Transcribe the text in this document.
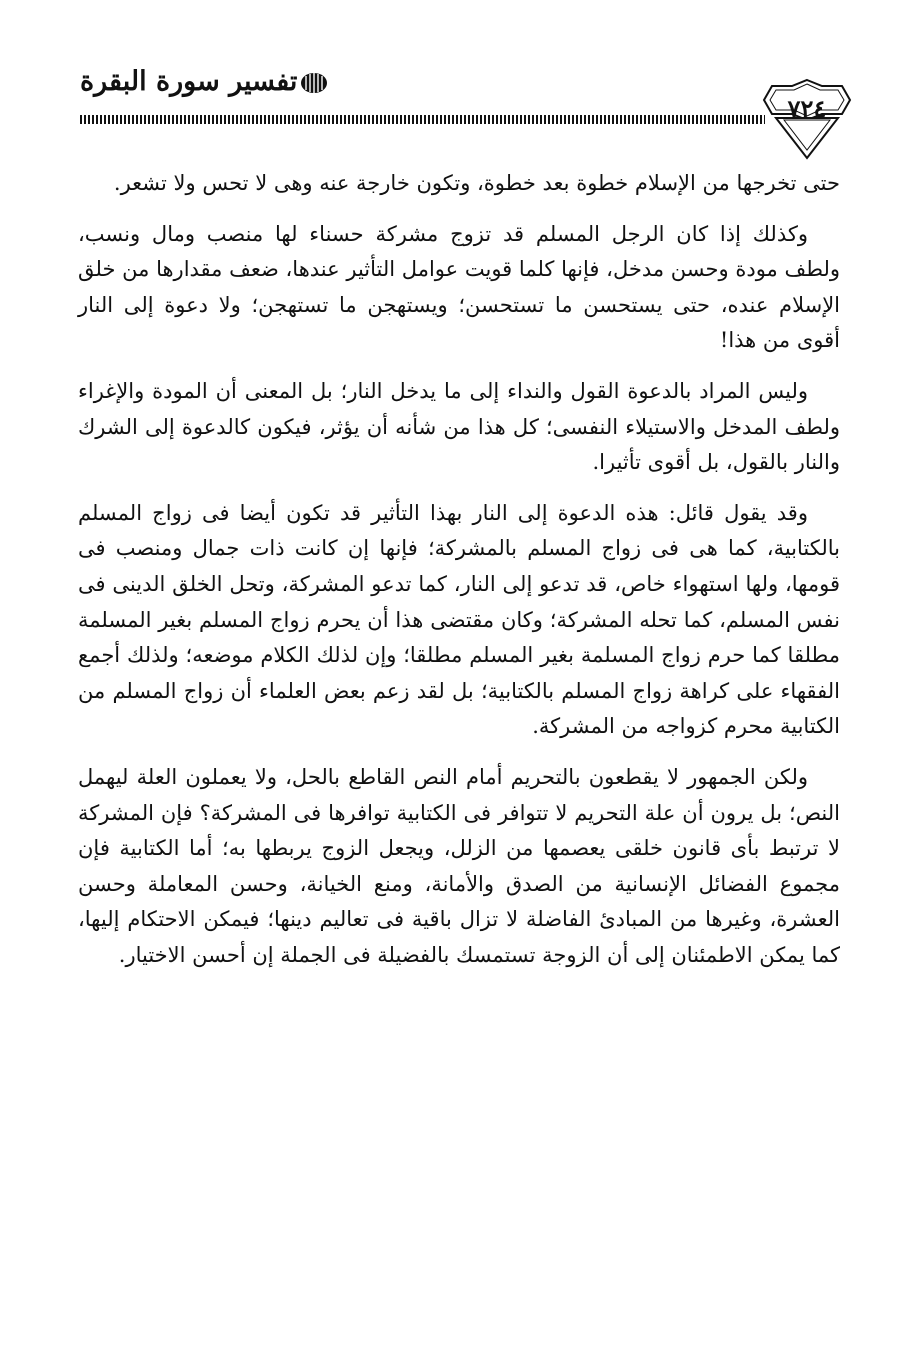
تفسير سورة البقرة
٧٢٤

حتى تخرجها من الإسلام خطوة بعد خطوة، وتكون خارجة عنه وهى لا تحس ولا تشعر.

وكذلك إذا كان الرجل المسلم قد تزوج مشركة حسناء لها منصب ومال ونسب، ولطف مودة وحسن مدخل، فإنها كلما قويت عوامل التأثير عندها، ضعف مقدارها من خلق الإسلام عنده، حتى يستحسن ما تستحسن؛ ويستهجن ما تستهجن؛ ولا دعوة إلى النار أقوى من هذا!

وليس المراد بالدعوة القول والنداء إلى ما يدخل النار؛ بل المعنى أن المودة والإغراء ولطف المدخل والاستيلاء النفسى؛ كل هذا من شأنه أن يؤثر، فيكون كالدعوة إلى الشرك والنار بالقول، بل أقوى تأثيرا.

وقد يقول قائل: هذه الدعوة إلى النار بهذا التأثير قد تكون أيضا فى زواج المسلم بالكتابية، كما هى فى زواج المسلم بالمشركة؛ فإنها إن كانت ذات جمال ومنصب فى قومها، ولها استهواء خاص، قد تدعو إلى النار، كما تدعو المشركة، وتحل الخلق الدينى فى نفس المسلم، كما تحله المشركة؛ وكان مقتضى هذا أن يحرم زواج المسلم بغير المسلمة مطلقا كما حرم زواج المسلمة بغير المسلم مطلقا؛ وإن لذلك الكلام موضعه؛ ولذلك أجمع الفقهاء على كراهة زواج المسلم بالكتابية؛ بل لقد زعم بعض العلماء أن زواج المسلم من الكتابية محرم كزواجه من المشركة.

ولكن الجمهور لا يقطعون بالتحريم أمام النص القاطع بالحل، ولا يعملون العلة ليهمل النص؛ بل يرون أن علة التحريم لا تتوافر فى الكتابية توافرها فى المشركة؟ فإن المشركة لا ترتبط بأى قانون خلقى يعصمها من الزلل، ويجعل الزوج يربطها به؛ أما الكتابية فإن مجموع الفضائل الإنسانية من الصدق والأمانة، ومنع الخيانة، وحسن المعاملة وحسن العشرة، وغيرها من المبادئ الفاضلة لا تزال باقية فى تعاليم دينها؛ فيمكن الاحتكام إليها، كما يمكن الاطمئنان إلى أن الزوجة تستمسك بالفضيلة فى الجملة إن أحسن الاختيار.
